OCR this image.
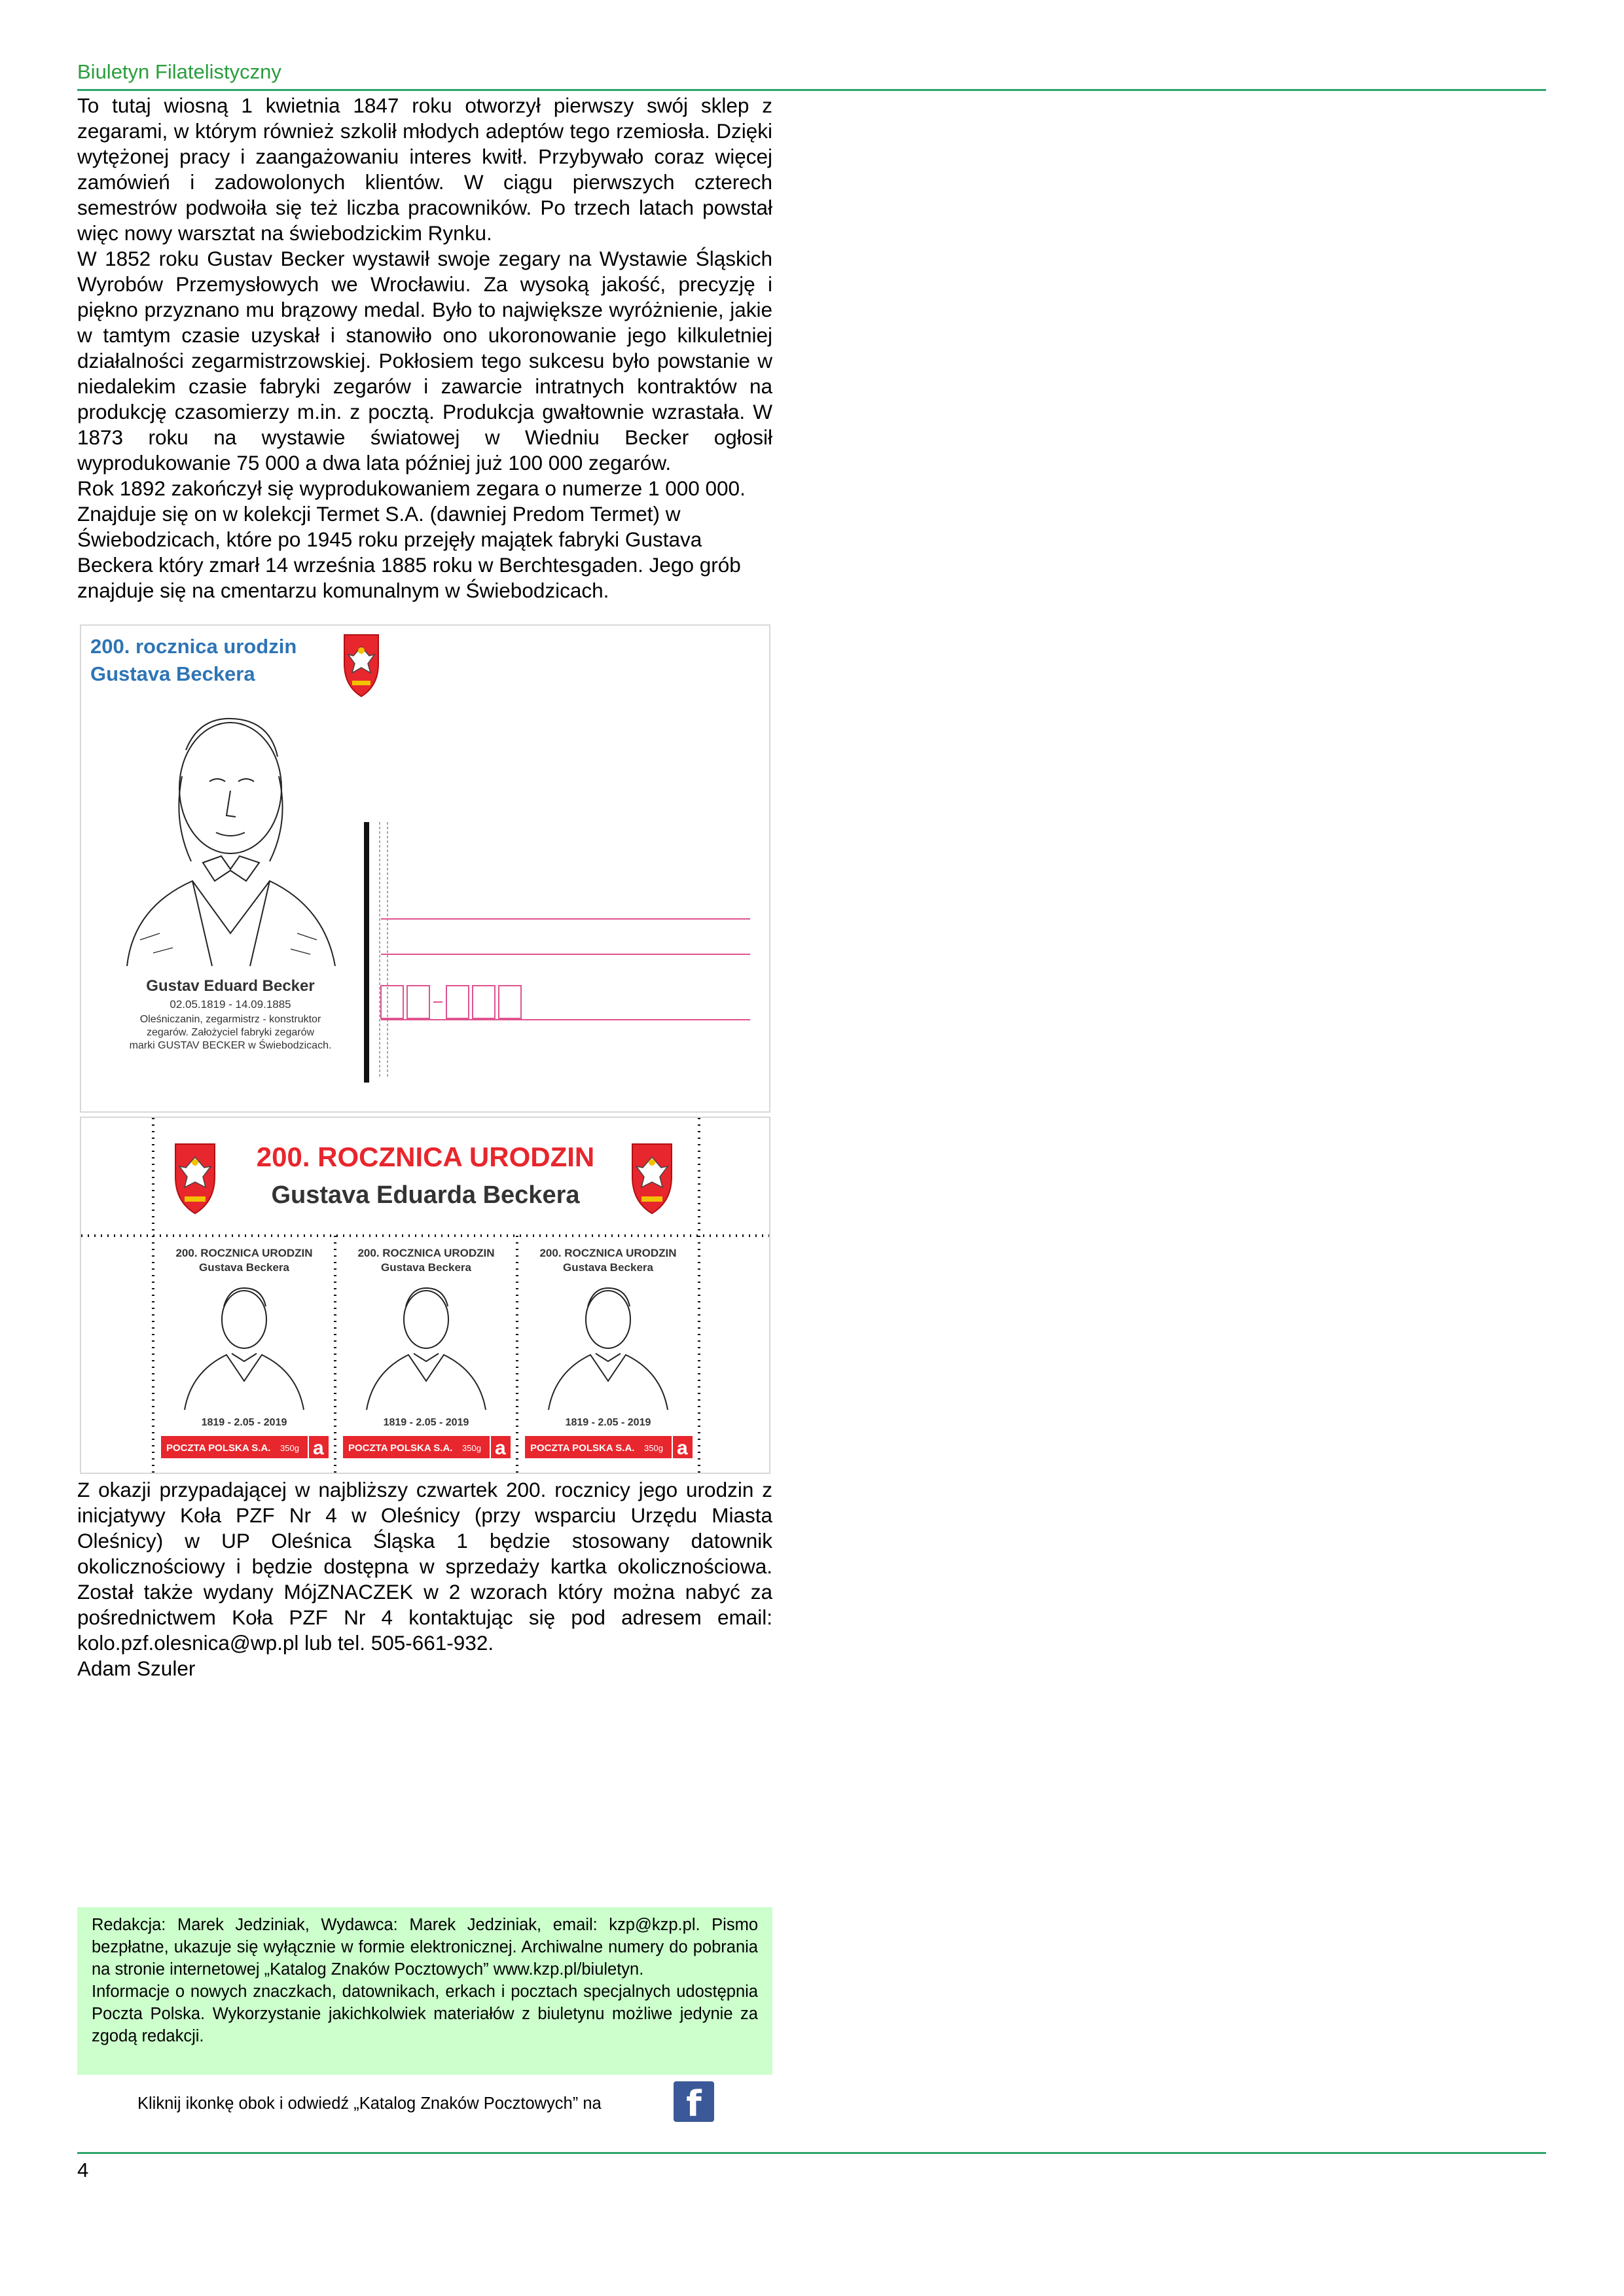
Biuletyn Filatelistyczny

To tutaj wiosną 1 kwietnia 1847 roku otworzył pierwszy swój sklep z zegarami, w którym również szkolił młodych adeptów tego rzemiosła. Dzięki wytężonej pracy i zaangażowaniu interes kwitł. Przybywało coraz więcej zamówień i zadowolonych klientów. W ciągu pierwszych czterech semestrów podwoiła się też liczba pracowników. Po trzech latach powstał więc nowy warsztat na świebodzickim Rynku.

W 1852 roku Gustav Becker wystawił swoje zegary na Wystawie Śląskich Wyrobów Przemysłowych we Wrocławiu. Za wysoką jakość, precyzję i piękno przyznano mu brązowy medal. Było to największe wyróżnienie, jakie w tamtym czasie uzyskał i stanowiło ono ukoronowanie jego kilkuletniej działalności zegarmistrzowskiej. Pokłosiem tego sukcesu było powstanie w niedalekim czasie fabryki zegarów i zawarcie intratnych kontraktów na produkcję czasomierzy m.in. z pocztą. Produkcja gwałtownie wzrastała. W 1873 roku na wystawie światowej w Wiedniu Becker ogłosił wyprodukowanie 75 000 a dwa lata później już 100 000 zegarów.

Rok 1892 zakończył się wyprodukowaniem zegara o numerze 1 000 000. Znajduje się on w kolekcji Termet S.A. (dawniej Predom Termet) w Świebodzicach, które po 1945 roku przejęły majątek fabryki Gustava Beckera który zmarł 14 września 1885 roku w Berchtesgaden. Jego grób znajduje się na cmentarzu komunalnym w Świebodzicach.

200. rocznica urodzin
Gustava Beckera
Gustav Eduard Becker
02.05.1819 - 14.09.1885
Oleśniczanin, zegarmistrz - konstruktor
zegarów. Założyciel fabryki zegarów
marki GUSTAV BECKER w Świebodzicach.
200. ROCZNICA URODZIN
Gustava Eduarda Beckera
200. ROCZNICA URODZIN
Gustava Beckera
1819 - 2.05 - 2019
POCZTA POLSKA S.A. 350g a
200. ROCZNICA URODZIN
Gustava Beckera
1819 - 2.05 - 2019
POCZTA POLSKA S.A. 350g a
200. ROCZNICA URODZIN
Gustava Beckera
1819 - 2.05 - 2019
POCZTA POLSKA S.A. 350g a

Z okazji przypadającej w najbliższy czwartek 200. rocznicy jego urodzin z inicjatywy Koła PZF Nr 4 w Oleśnicy (przy wsparciu Urzędu Miasta Oleśnicy) w UP Oleśnica Śląska 1 będzie stosowany datownik okolicznościowy i będzie dostępna w sprzedaży kartka okolicznościowa. Został także wydany MójZNACZEK w 2 wzorach który można nabyć za pośrednictwem Koła PZF Nr 4 kontaktując się pod adresem email: kolo.pzf.olesnica@wp.pl lub tel. 505-661-932.

Adam Szuler

Redakcja: Marek Jedziniak, Wydawca: Marek Jedziniak, email: kzp@kzp.pl. Pismo bezpłatne, ukazuje się wyłącznie w formie elektronicznej. Archiwalne numery do pobrania na stronie internetowej „Katalog Znaków Pocztowych” www.kzp.pl/biuletyn.

Informacje o nowych znaczkach, datownikach, erkach i pocztach specjalnych udostępnia Poczta Polska. Wykorzystanie jakichkolwiek materiałów z biuletynu możliwe jedynie za zgodą redakcji.

Kliknij ikonkę obok i odwiedź „Katalog Znaków Pocztowych” na	f
4
